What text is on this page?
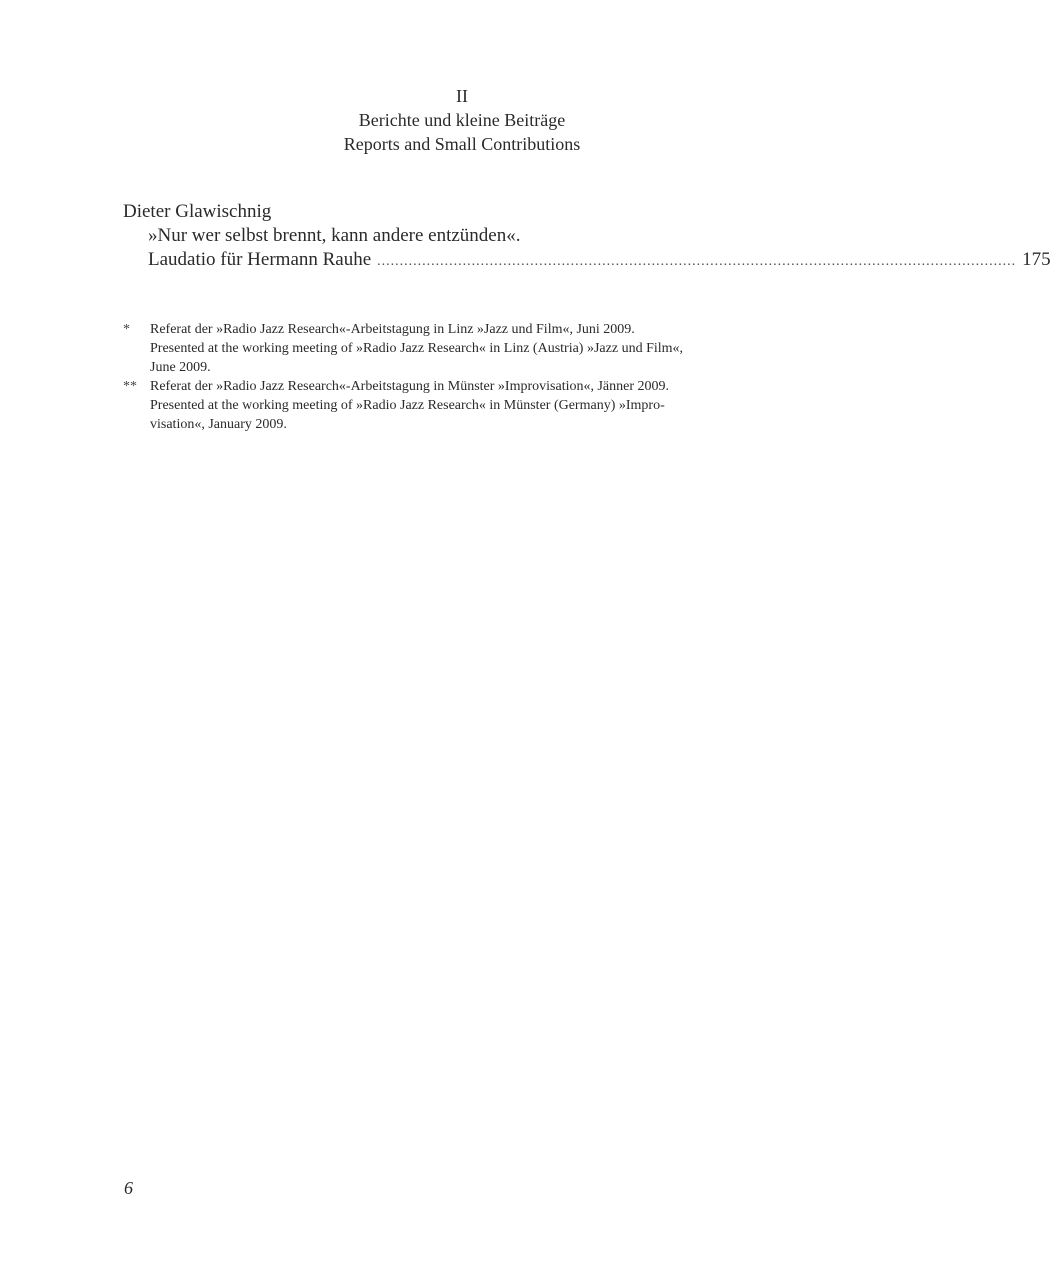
II
Berichte und kleine Beiträge
Reports and Small Contributions
Dieter Glawischnig
»Nur wer selbst brennt, kann andere entzünden«.
Laudatio für Hermann Rauhe .............................................................................................................................................. 175
*	Referat der »Radio Jazz Research«-Arbeitstagung in Linz »Jazz und Film«, Juni 2009.
Presented at the working meeting of »Radio Jazz Research« in Linz (Austria) »Jazz und Film«,
June 2009.
** Referat der »Radio Jazz Research«-Arbeitstagung in Münster »Improvisation«, Jänner 2009.
Presented at the working meeting of »Radio Jazz Research« in Münster (Germany) »Impro-
visation«, January 2009.
6
